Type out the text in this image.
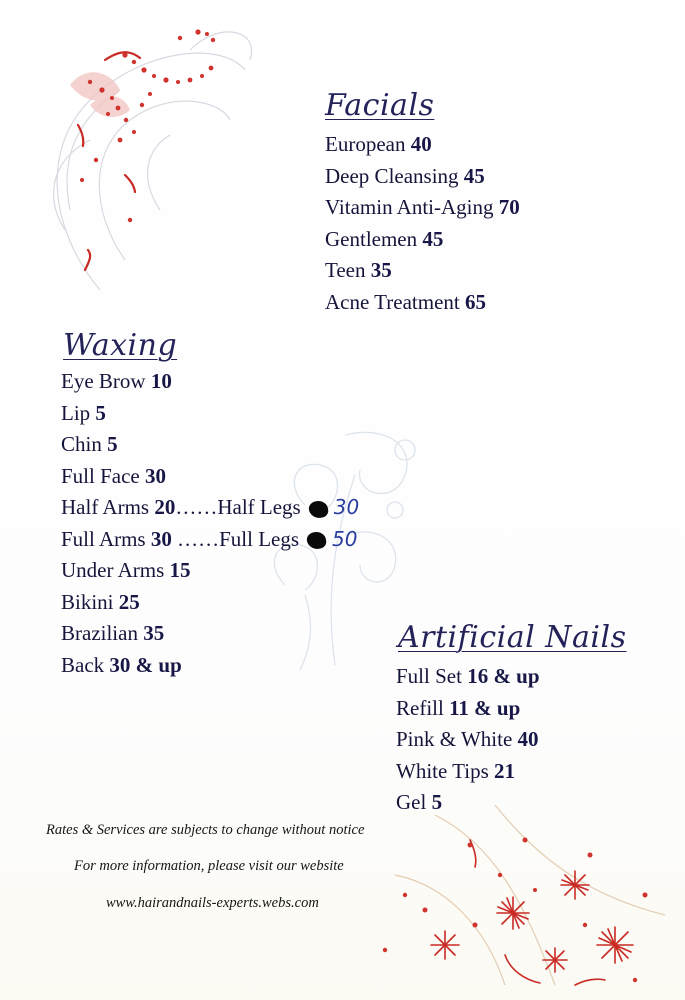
Facials
European 40
Deep Cleansing 45
Vitamin Anti-Aging 70
Gentlemen 45
Teen 35
Acne Treatment 65
Waxing
Eye Brow 10
Lip 5
Chin 5
Full Face 30
Half Arms 20……Half Legs 30
Full Arms 30 ……Full Legs 50
Under Arms 15
Bikini 25
Brazilian 35
Back 30 & up
Artificial Nails
Full Set 16 & up
Refill 11 & up
Pink & White 40
White Tips 21
Gel 5

Rates & Services are subjects to change without notice

For more information, please visit our website

www.hairandnails-experts.webs.com
